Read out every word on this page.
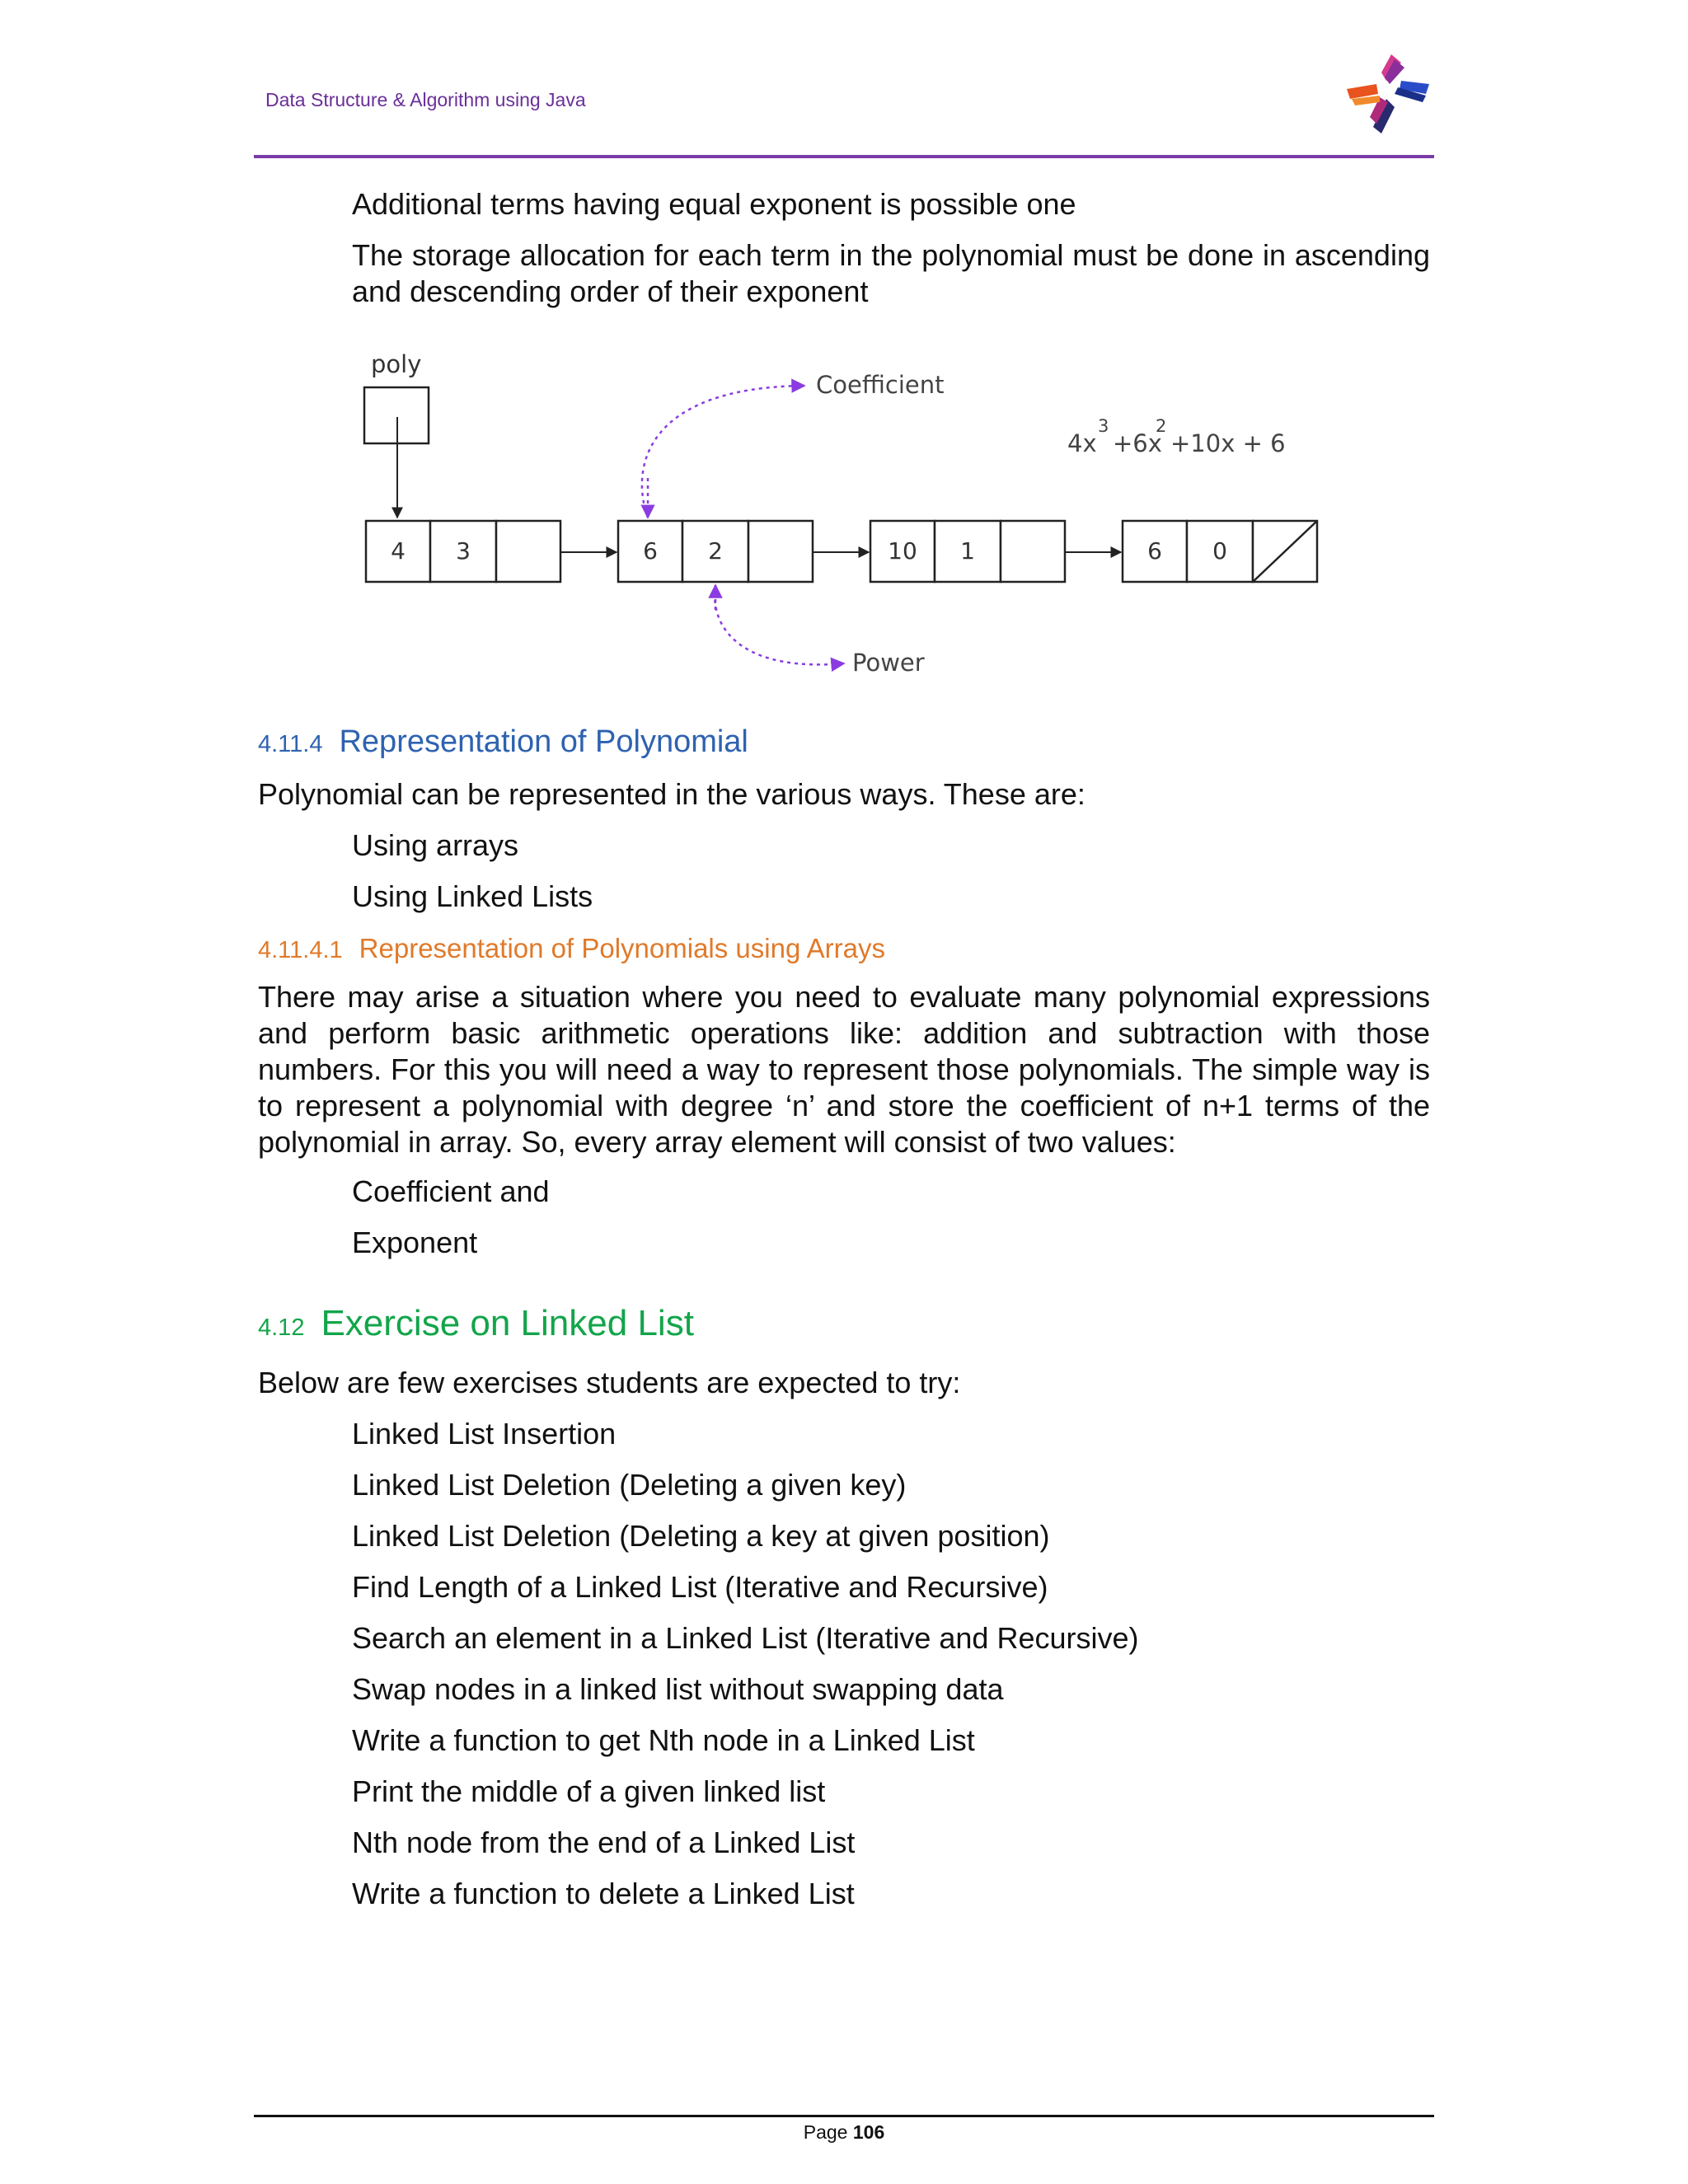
Data Structure & Algorithm using Java

Additional terms having equal exponent is possible one

The storage allocation for each term in the polynomial must be done in ascending and descending order of their exponent

poly
4 3	6 2	10 1	6 0
Coefficient
Power
4x
3
+6x
2
+10x + 6
4.11.4 Representation of Polynomial

Polynomial can be represented in the various ways. These are:

Using arrays

Using Linked Lists

4.11.4.1 Representation of Polynomials using Arrays

There may arise a situation where you need to evaluate many polynomial expressions and perform basic arithmetic operations like: addition and subtraction with those numbers. For this you will need a way to represent those polynomials. The simple way is to represent a polynomial with degree ‘n’ and store the coefficient of n+1 terms of the polynomial in array. So, every array element will consist of two values:

Coefficient and

Exponent

4.12 Exercise on Linked List

Below are few exercises students are expected to try:

Linked List Insertion

Linked List Deletion (Deleting a given key)

Linked List Deletion (Deleting a key at given position)

Find Length of a Linked List (Iterative and Recursive)

Search an element in a Linked List (Iterative and Recursive)

Swap nodes in a linked list without swapping data

Write a function to get Nth node in a Linked List

Print the middle of a given linked list

Nth node from the end of a Linked List

Write a function to delete a Linked List

Page 106
